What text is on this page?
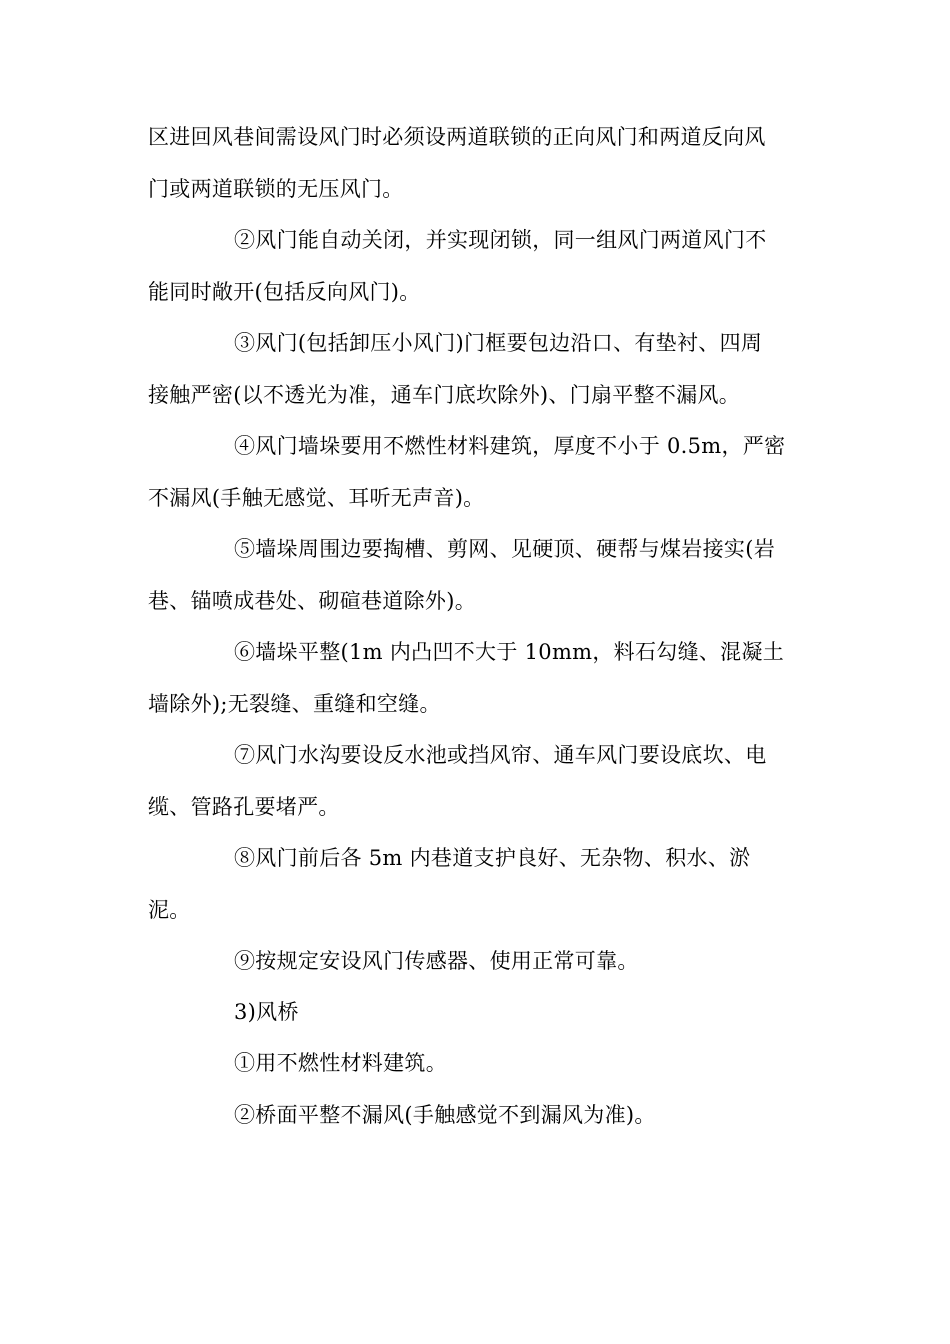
区进回风巷间需设风门时必须设两道联锁的正向风门和两道反向风
门或两道联锁的无压风门。
②风门能自动关闭，并实现闭锁，同一组风门两道风门不
能同时敞开(包括反向风门)。
③风门(包括卸压小风门)门框要包边沿口、有垫衬、四周
接触严密(以不透光为准，通车门底坎除外)、门扇平整不漏风。
④风门墙垛要用不燃性材料建筑，厚度不小于 0.5m，严密
不漏风(手触无感觉、耳听无声音)。
⑤墙垛周围边要掏槽、剪网、见硬顶、硬帮与煤岩接实(岩
巷、锚喷成巷处、砌碹巷道除外)。
⑥墙垛平整(1m 内凸凹不大于 10mm，料石勾缝、混凝土
墙除外);无裂缝、重缝和空缝。
⑦风门水沟要设反水池或挡风帘、通车风门要设底坎、电
缆、管路孔要堵严。
⑧风门前后各 5m 内巷道支护良好、无杂物、积水、淤
泥。
⑨按规定安设风门传感器、使用正常可靠。
3)风桥
①用不燃性材料建筑。
②桥面平整不漏风(手触感觉不到漏风为准)。
